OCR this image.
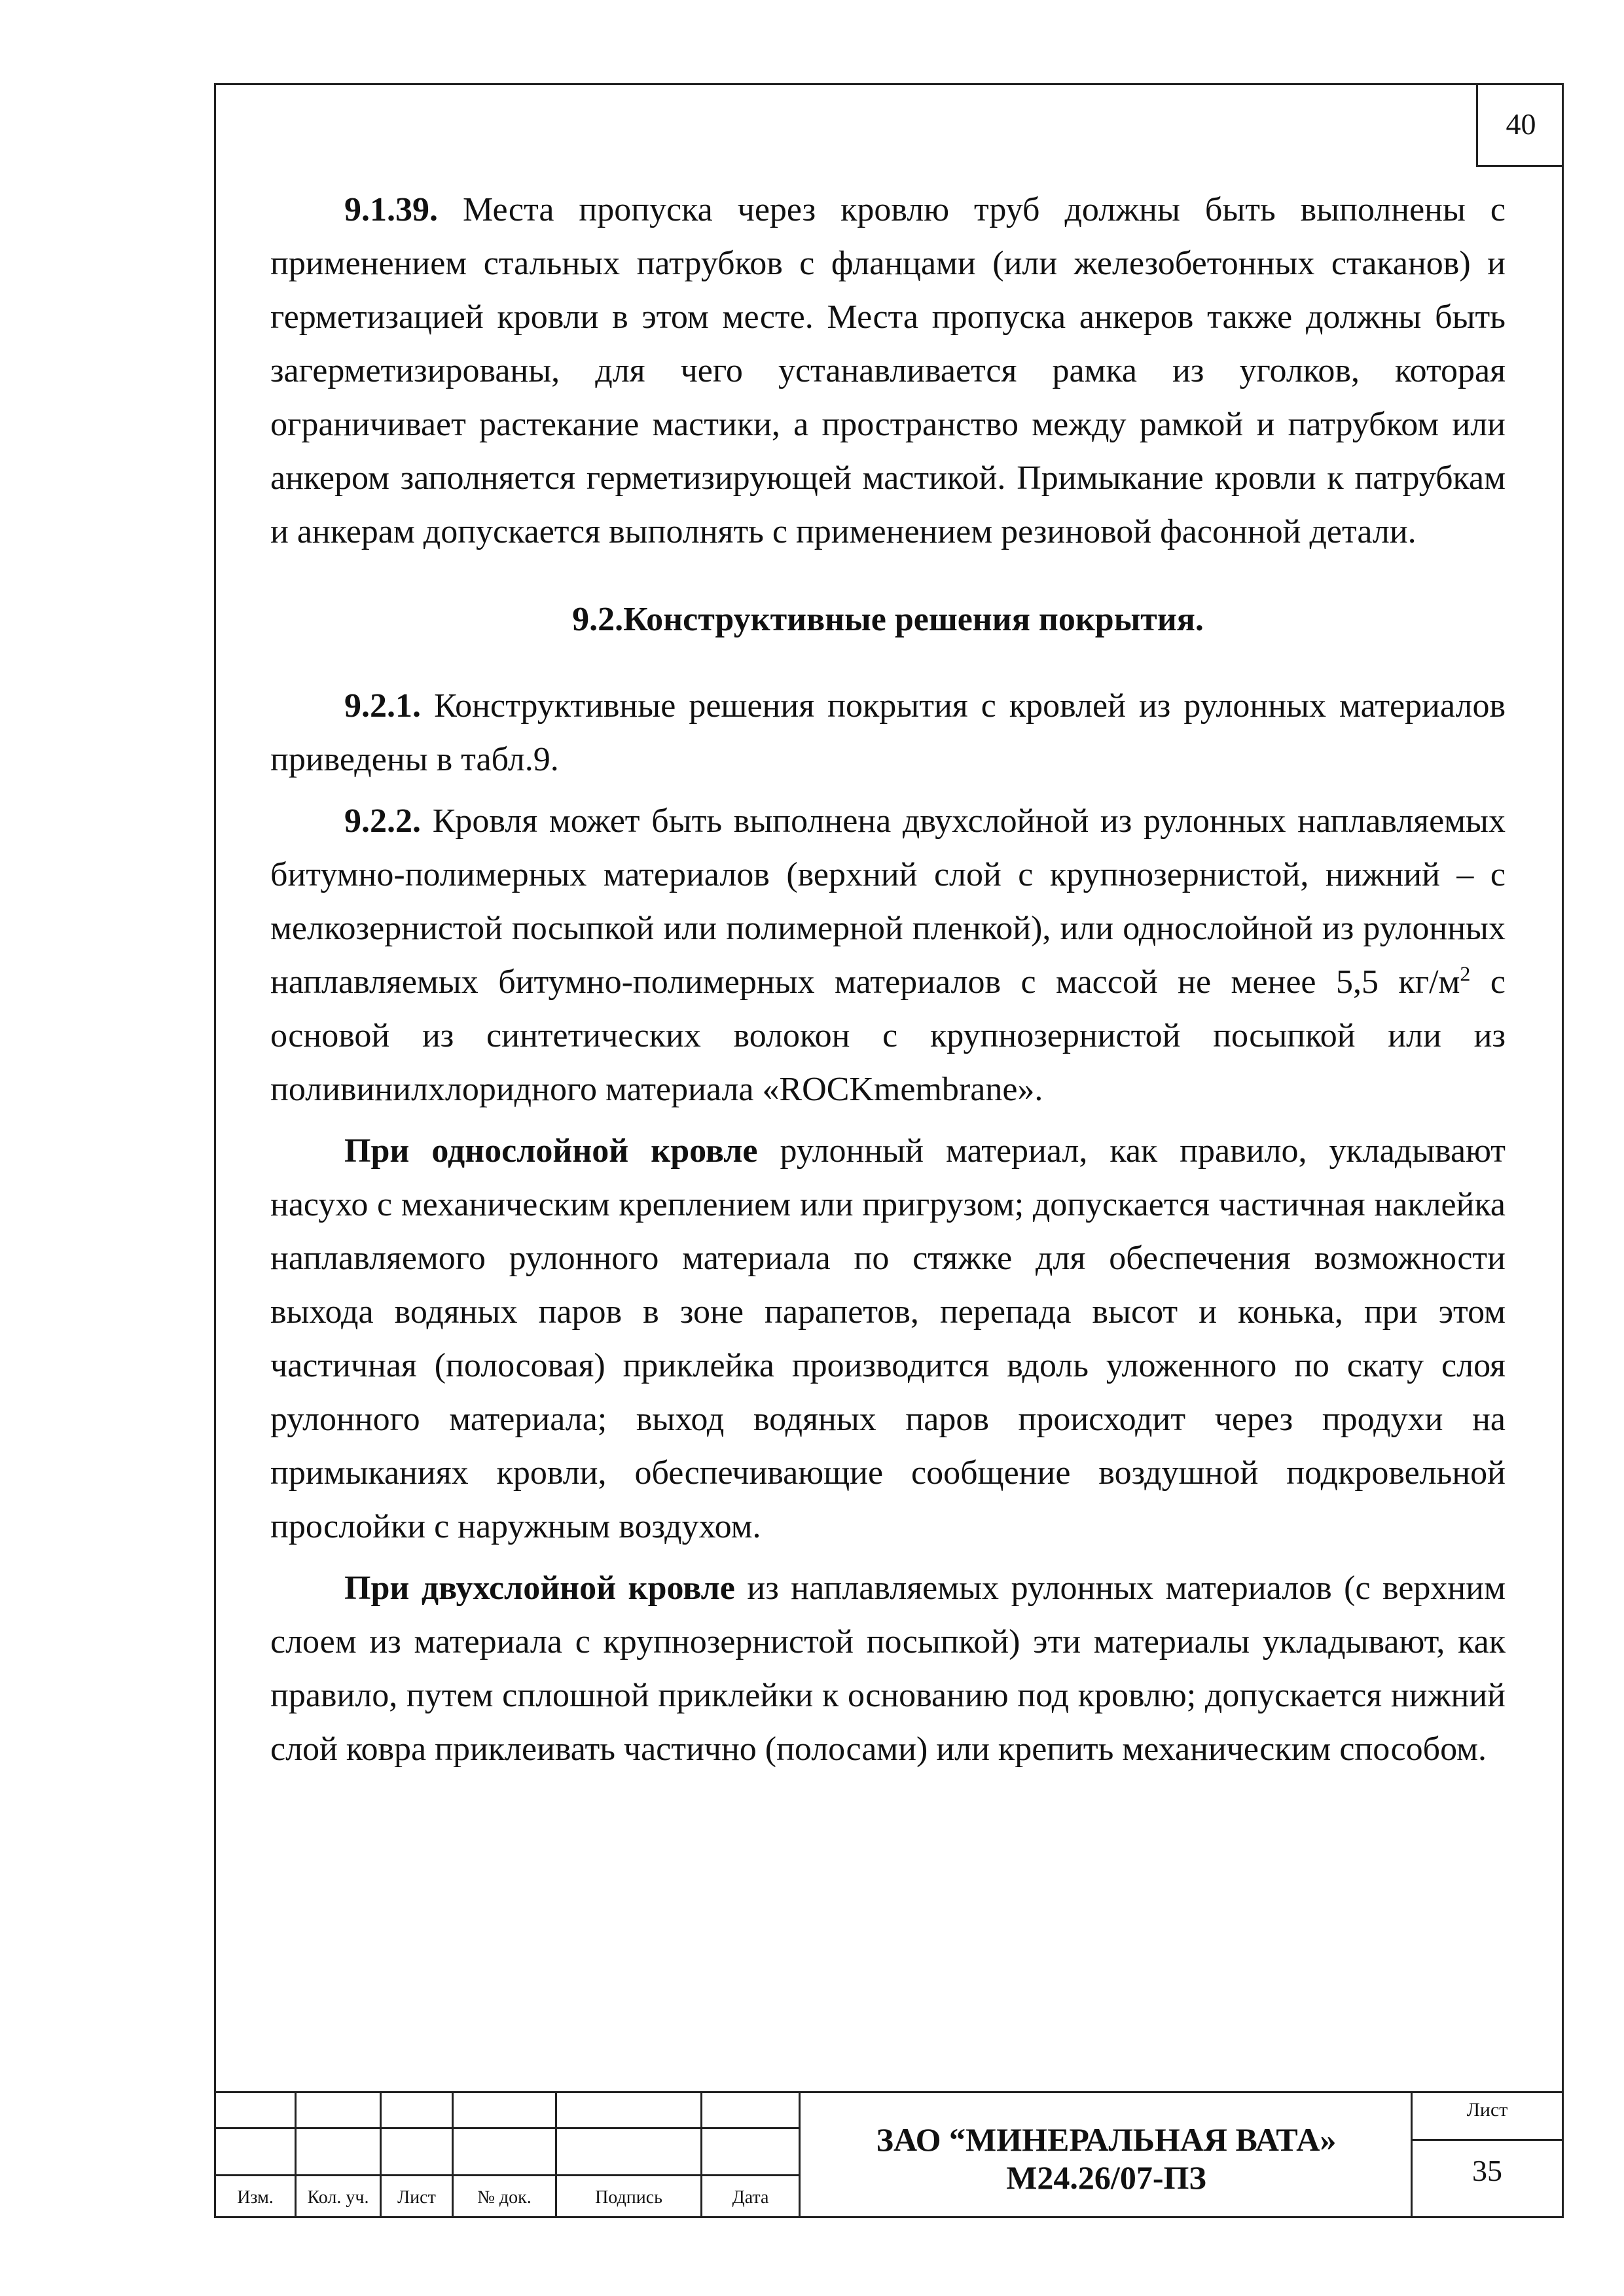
40

9.1.39. Места пропуска через кровлю труб должны быть выполнены с применением стальных патрубков с фланцами (или железобетонных стаканов) и герметизацией кровли в этом месте. Места пропуска анкеров также должны быть загерметизированы, для чего устанавливается рамка из уголков, которая ограничивает растекание мастики, а пространство между рамкой и патрубком или анкером заполняется герметизирующей мастикой. Примыкание кровли к патрубкам и анкерам допускается выполнять с применением резиновой фасонной детали.

9.2.Конструктивные решения покрытия.

9.2.1. Конструктивные решения покрытия с кровлей из рулонных материалов приведены в табл.9.

9.2.2. Кровля может быть выполнена двухслойной из рулонных наплавляемых битумно-полимерных материалов (верхний слой с крупнозернистой, нижний – с мелкозернистой посыпкой или полимерной пленкой), или однослойной из рулонных наплавляемых битумно-полимерных материалов с массой не менее 5,5 $кг/м^2$ с основой из синтетических волокон с крупнозернистой посыпкой или из поливинилхлоридного материала «ROCKmembrane».

При однослойной кровле рулонный материал, как правило, укладывают насухо с механическим креплением или пригрузом; допускается частичная наклейка наплавляемого рулонного материала по стяжке для обеспечения возможности выхода водяных паров в зоне парапетов, перепада высот и конька, при этом частичная (полосовая) приклейка производится вдоль уложенного по скату слоя рулонного материала; выход водяных паров происходит через продухи на примыканиях кровли, обеспечивающие сообщение воздушной подкровельной прослойки с наружным воздухом.

При двухслойной кровле из наплавляемых рулонных материалов (с верхним слоем из материала с крупнозернистой посыпкой) эти материалы укладывают, как правило, путем сплошной приклейки к основанию под кровлю; допускается нижний слой ковра приклеивать частично (полосами) или крепить механическим способом.

Изм.	Кол. уч.	Лист	№ док.	Подпись	Дата
ЗАО “МИНЕРАЛЬНАЯ ВАТА»
М24.26/07-ПЗ
Лист
35
